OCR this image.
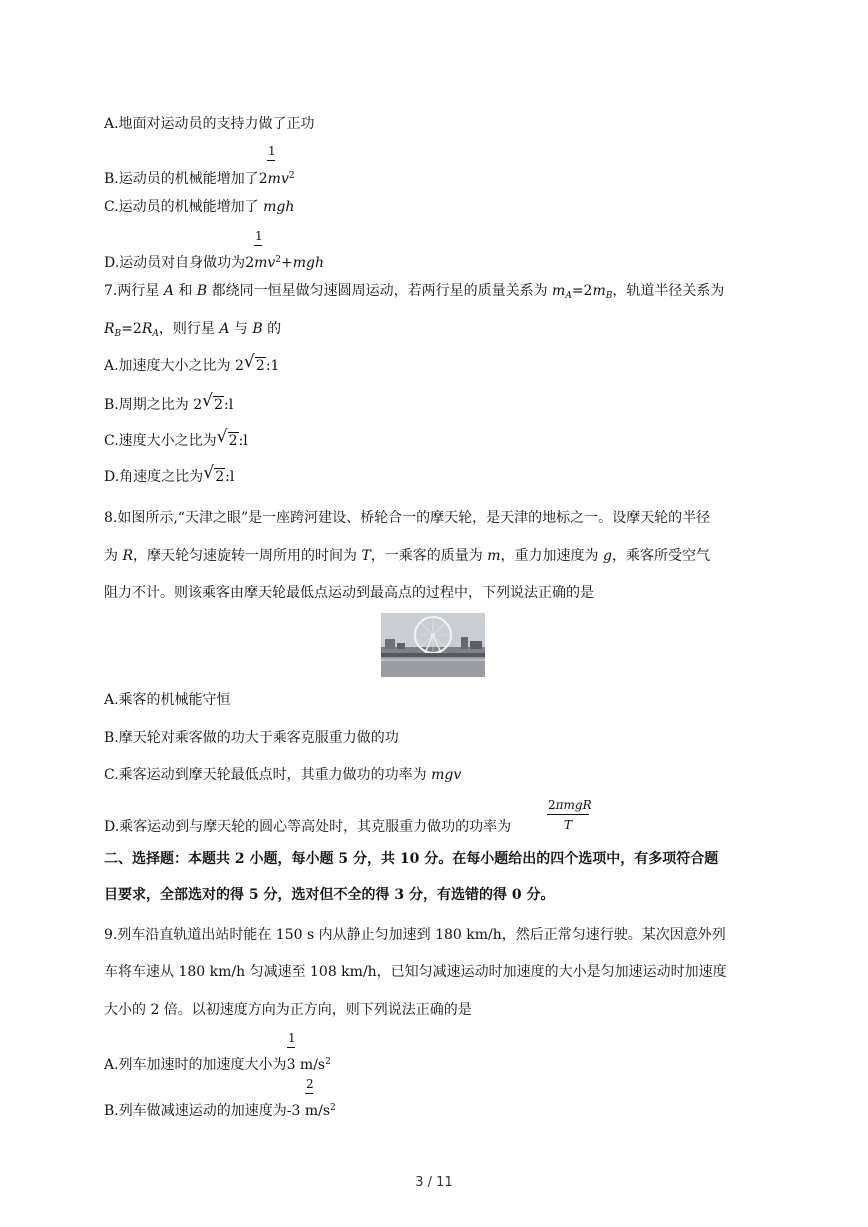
A.地面对运动员的支持力做了正功
1
B.运动员的机械能增加了$2mv^2$
C.运动员的机械能增加了 mgh
1
D.运动员对自身做功为$2mv^2+mgh$
7.两行星 A 和 B 都绕同一恒星做匀速圆周运动，若两行星的质量关系为 $m_A=2m_B$，轨道半径关系为
$R_B=2R_A$，则行星 A 与 B 的
A.加速度大小之比为 2 √ 2:1
B.周期之比为 2 √ 2:l
C.速度大小之比为 √ 2:l
D.角速度之比为 √ 2:l
8.如图所示,“天津之眼”是一座跨河建设、桥轮合一的摩天轮，是天津的地标之一。设摩天轮的半径
为 R，摩天轮匀速旋转一周所用的时间为 T，一乘客的质量为 m，重力加速度为 g，乘客所受空气
阻力不计。则该乘客由摩天轮最低点运动到最高点的过程中，下列说法正确的是
A.乘客的机械能守恒
B.摩天轮对乘客做的功大于乘客克服重力做的功
C.乘客运动到摩天轮最低点时，其重力做功的功率为 mgv
2πmgR
T
D.乘客运动到与摩天轮的圆心等高处时，其克服重力做功的功率为
二、选择题：本题共 2 小题，每小题 5 分，共 10 分。在每小题给出的四个选项中，有多项符合题
目要求，全部选对的得 5 分，选对但不全的得 3 分，有选错的得 0 分。
9.列车沿直轨道出站时能在 150 s 内从静止匀加速到 180 km/h，然后正常匀速行驶。某次因意外列
车将车速从 180 km/h 匀减速至 108 km/h，已知匀减速运动时加速度的大小是匀加速运动时加速度
大小的 2 倍。以初速度方向为正方向，则下列说法正确的是
1
A.列车加速时的加速度大小为3 $m/s^2$
2
B.列车做减速运动的加速度为-3 $m/s^2$
3 / 11
